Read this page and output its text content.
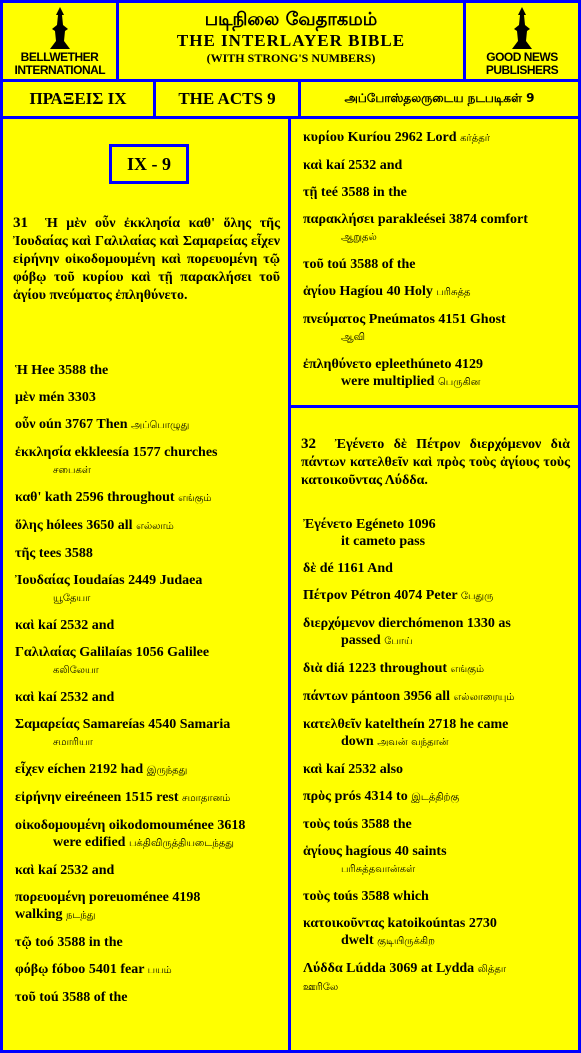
BELLWETHER INTERNATIONAL
படிநிலை வேதாகமம்
THE INTERLAYER BIBLE
(WITH STRONG'S NUMBERS)	GOOD NEWS PUBLISHERS
ΠΡΑΞΕΙΣ IX	THE ACTS 9	அப்போஸ்தலருடைய நடபடிகள் 9
IX - 9
31 Ἡ μὲν οὖν ἐκκλησία καθ' ὅλης τῆς Ἰουδαίας καὶ Γαλιλαίας καὶ Σαμαρείας εἶχεν εἰρήνην οἰκοδομουμένη καὶ πορευομένη τῷ φόβῳ τοῦ κυρίου καὶ τῇ παρακλήσει τοῦ ἁγίου πνεύματος ἐπληθύνετο.
Ἡ Hee 3588 the
μὲν mén 3303
οὖν oún 3767 Then அப்பொழுது
ἐκκλησία ekkleesía 1577 churches
சபைகள்
καθ' kath 2596 throughout எங்கும்
ὅλης hólees 3650 all எல்லாம்
τῆς tees 3588
Ἰουδαίας Ioudaías 2449 Judaea
யூதேயா
καὶ kaí 2532 and
Γαλιλαίας Galilaías 1056 Galilee
கலிலேயா
καὶ kaí 2532 and
Σαμαρείας Samareías 4540 Samaria
சமாரியா
εἶχεν eíchen 2192 had இருந்தது
εἰρήνην eireéneen 1515 rest சமாதானம்
οἰκοδομουμένη oikodomouménee 3618
were edified பக்திவிருத்தியடைந்தது
καὶ kaí 2532 and
πορευομένη poreuoménee 4198
walking நடந்து
τῷ toó 3588 in the
φόβῳ fóboo 5401 fear பயம்
τοῦ toú 3588 of the
κυρίου Kuríou 2962 Lord கர்த்தர்
καὶ kaí 2532 and
τῇ teé 3588 in the
παρακλήσει parakleései 3874 comfort
ஆறுதல்
τοῦ toú 3588 of the
ἁγίου Hagíou 40 Holy பரிசுத்த
πνεύματος Pneúmatos 4151 Ghost
ஆவி
ἐπληθύνετο epleethúneto 4129
were multiplied பெருகின
32 Ἐγένετο δὲ Πέτρον διερχόμενον διὰ πάντων κατελθεῖν καὶ πρὸς τοὺς ἁγίους τοὺς κατοικοῦντας Λύδδα.
Ἐγένετο Egéneto 1096
it cameto pass
δὲ dé 1161 And
Πέτρον Pétron 4074 Peter பேதுரு
διερχόμενον dierchómenon 1330 as
passed போய்
διὰ diá 1223 throughout எங்கும்
πάντων pántoon 3956 all எல்லாரையும்
κατελθεῖν kateltheín 2718 he came
down அவன் வந்தான்
καὶ kaí 2532 also
πρὸς prós 4314 to இடத்திற்கு
τοὺς toús 3588 the
ἁγίους hagíous 40 saints
பரிசுத்தவான்கள்
τοὺς toús 3588 which
κατοικοῦντας katoikoúntas 2730
dwelt குடியிருக்கிற
Λύδδα Lúdda 3069 at Lydda லித்தா
ஊரிலே
